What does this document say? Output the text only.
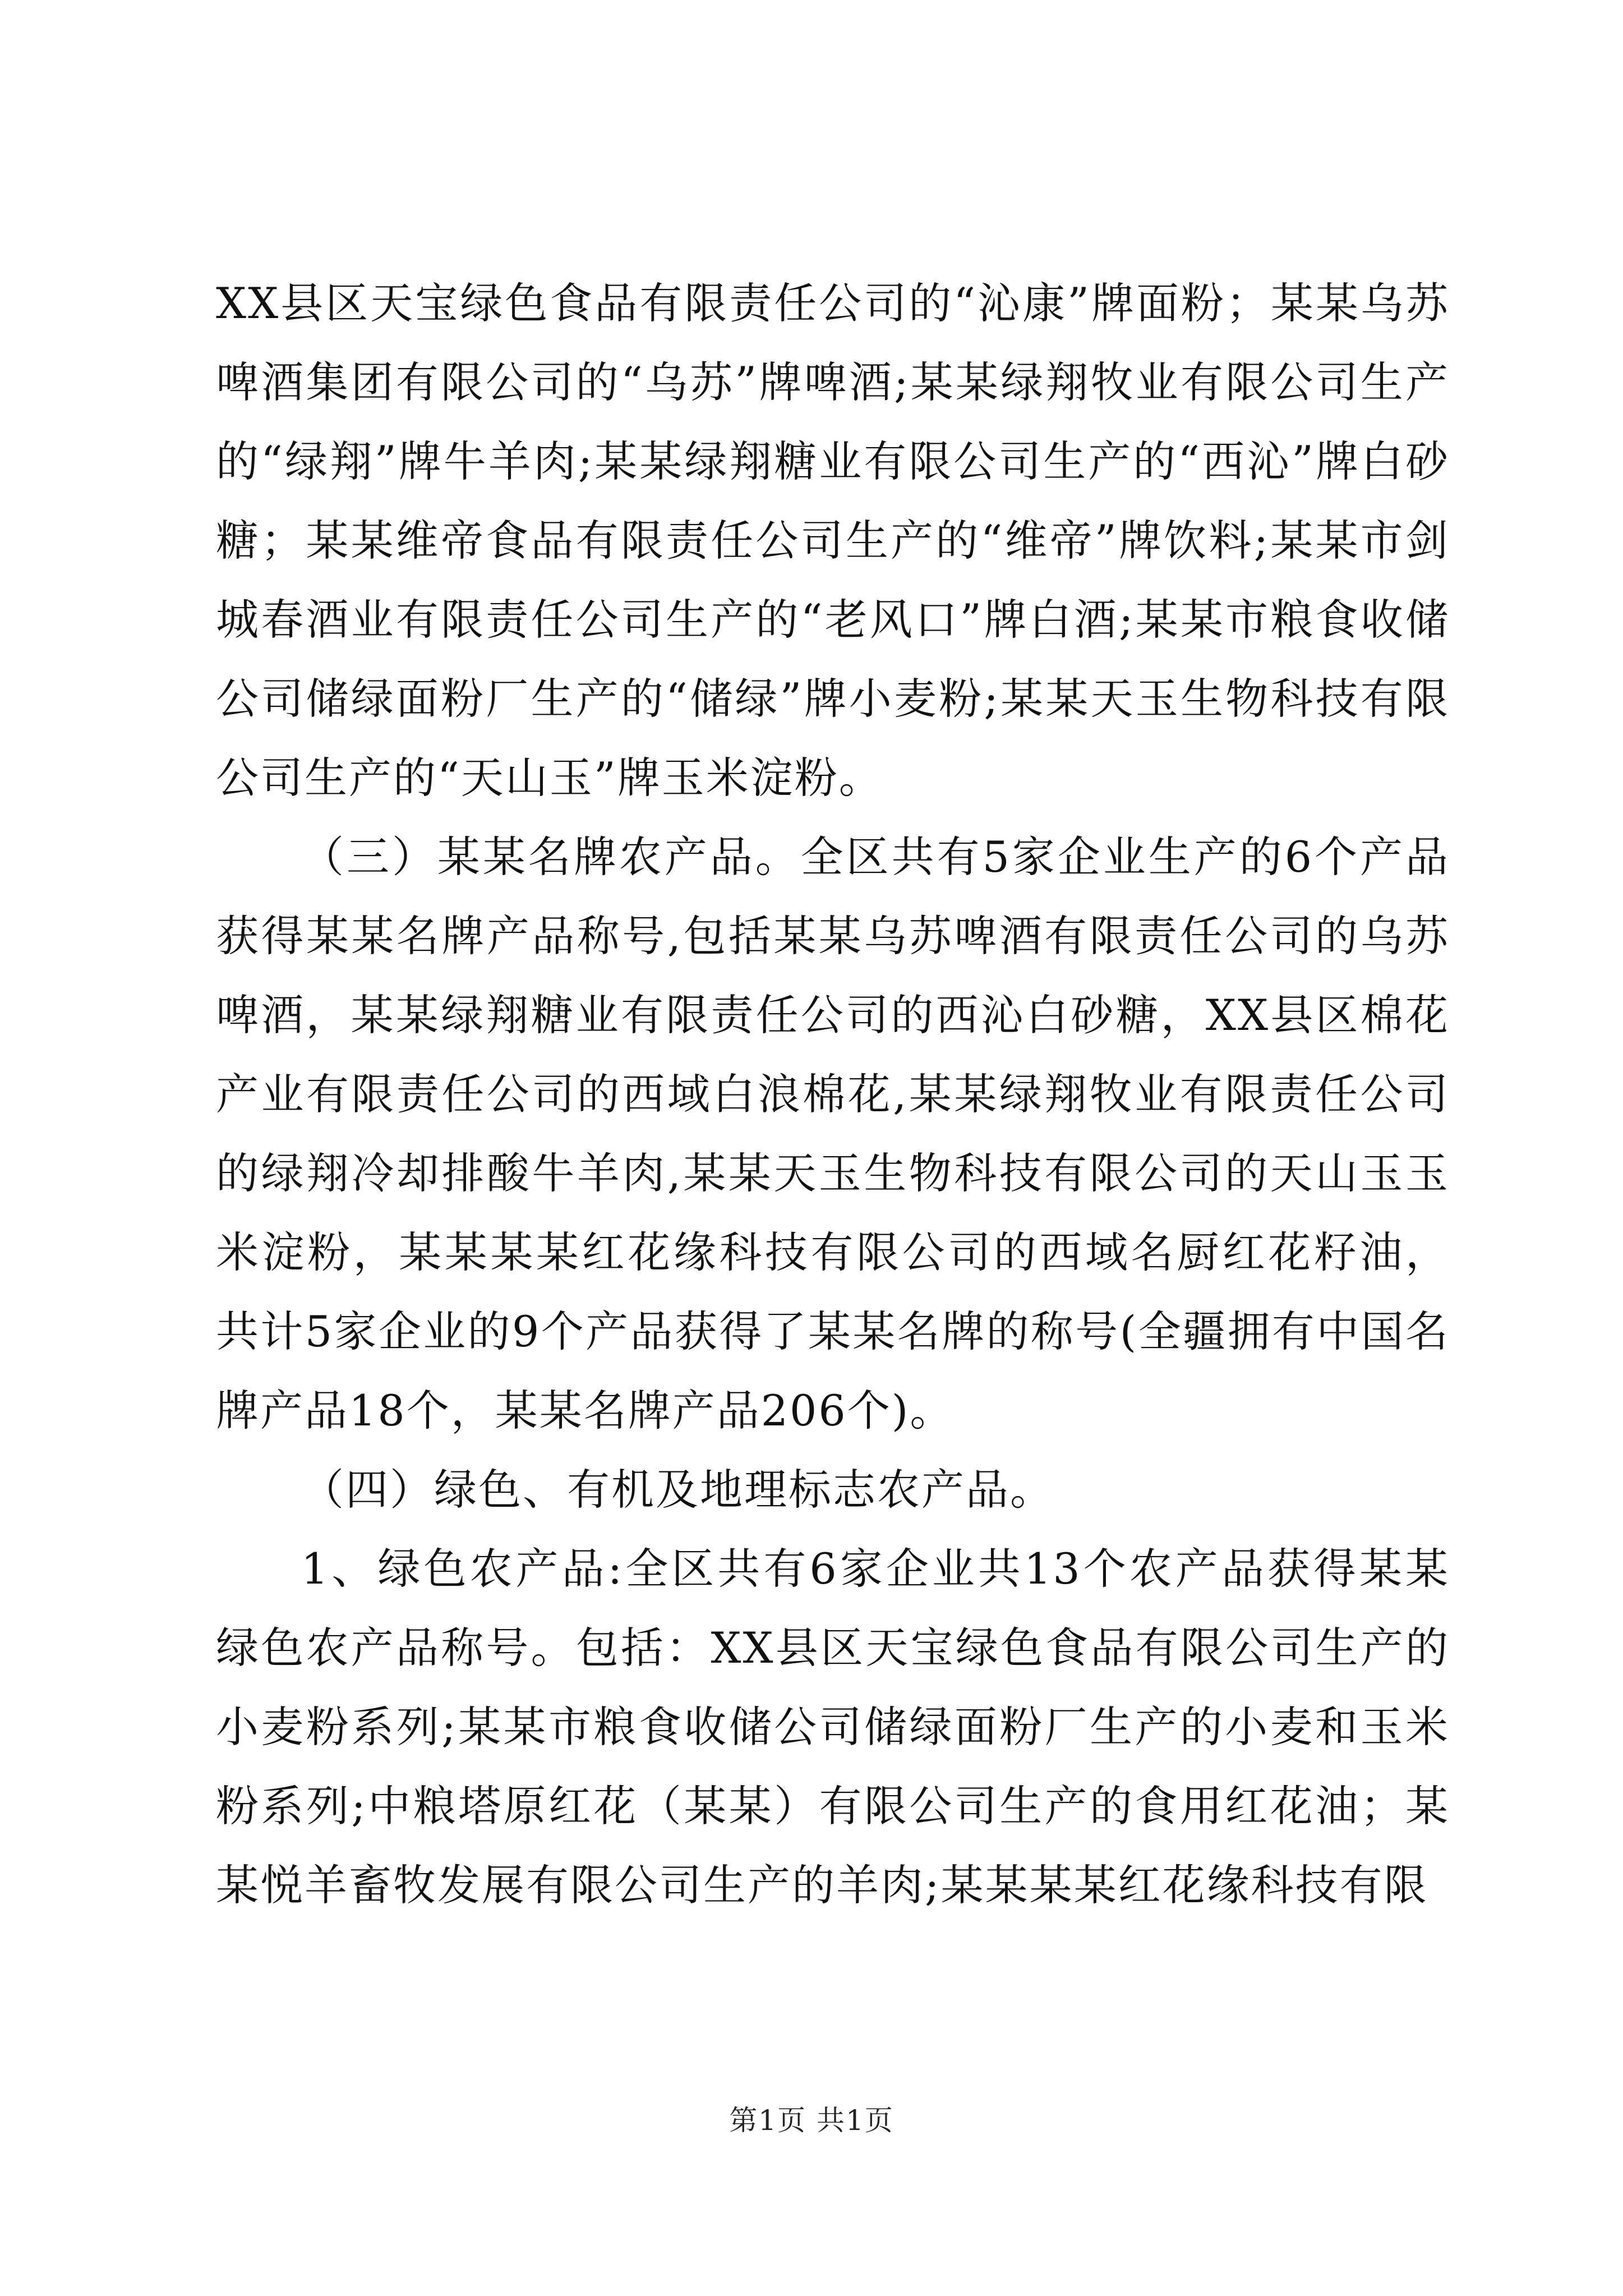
XX县区天宝绿色食品有限责任公司的“沁康”牌面粉；某某乌苏啤酒集团有限公司的“乌苏”牌啤酒;某某绿翔牧业有限公司生产的“绿翔”牌牛羊肉;某某绿翔糖业有限公司生产的“西沁”牌白砂糖；某某维帝食品有限责任公司生产的“维帝”牌饮料;某某市剑城春酒业有限责任公司生产的“老风口”牌白酒;某某市粮食收储公司储绿面粉厂生产的“储绿”牌小麦粉;某某天玉生物科技有限公司生产的“天山玉”牌玉米淀粉。

（三）某某名牌农产品。全区共有5家企业生产的6个产品获得某某名牌产品称号,包括某某乌苏啤酒有限责任公司的乌苏啤酒，某某绿翔糖业有限责任公司的西沁白砂糖，XX县区棉花产业有限责任公司的西域白浪棉花,某某绿翔牧业有限责任公司的绿翔冷却排酸牛羊肉,某某天玉生物科技有限公司的天山玉玉米淀粉，某某某某红花缘科技有限公司的西域名厨红花籽油，共计5家企业的9个产品获得了某某名牌的称号(全疆拥有中国名牌产品18个，某某名牌产品206个)。

（四）绿色、有机及地理标志农产品。

1、绿色农产品:全区共有6家企业共13个农产品获得某某绿色农产品称号。包括：XX县区天宝绿色食品有限公司生产的小麦粉系列;某某市粮食收储公司储绿面粉厂生产的小麦和玉米粉系列;中粮塔原红花（某某）有限公司生产的食用红花油；某某悦羊畜牧发展有限公司生产的羊肉;某某某某红花缘科技有限

第1页 共1页
